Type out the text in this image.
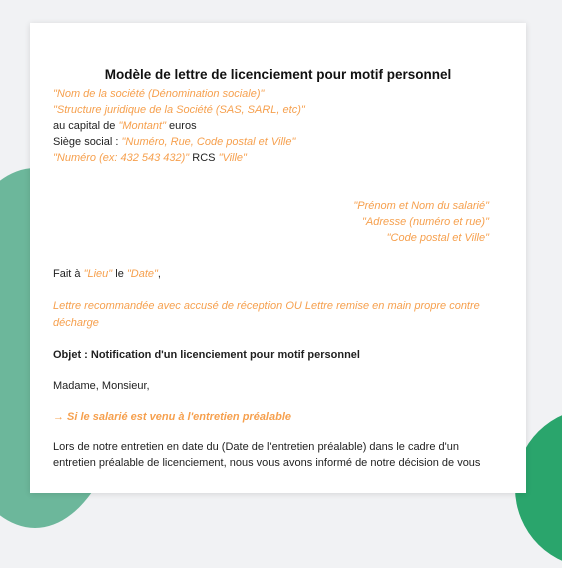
Modèle de lettre de licenciement pour motif personnel

"Nom de la société (Dénomination sociale)"

"Structure juridique de la Société (SAS, SARL, etc)"

au capital de "Montant" euros

Siège social : "Numéro, Rue, Code postal et Ville"

"Numéro (ex: 432 543 432)" RCS "Ville"

"Prénom et Nom du salarié"

"Adresse (numéro et rue)"

"Code postal et Ville"

Fait à "Lieu" le "Date",

Lettre recommandée avec accusé de réception OU Lettre remise en main propre contre

décharge

Objet : Notification d'un licenciement pour motif personnel

Madame, Monsieur,

→ Si le salarié est venu à l'entretien préalable

Lors de notre entretien en date du (Date de l'entretien préalable) dans le cadre d'un

entretien préalable de licenciement, nous vous avons informé de notre décision de vous
